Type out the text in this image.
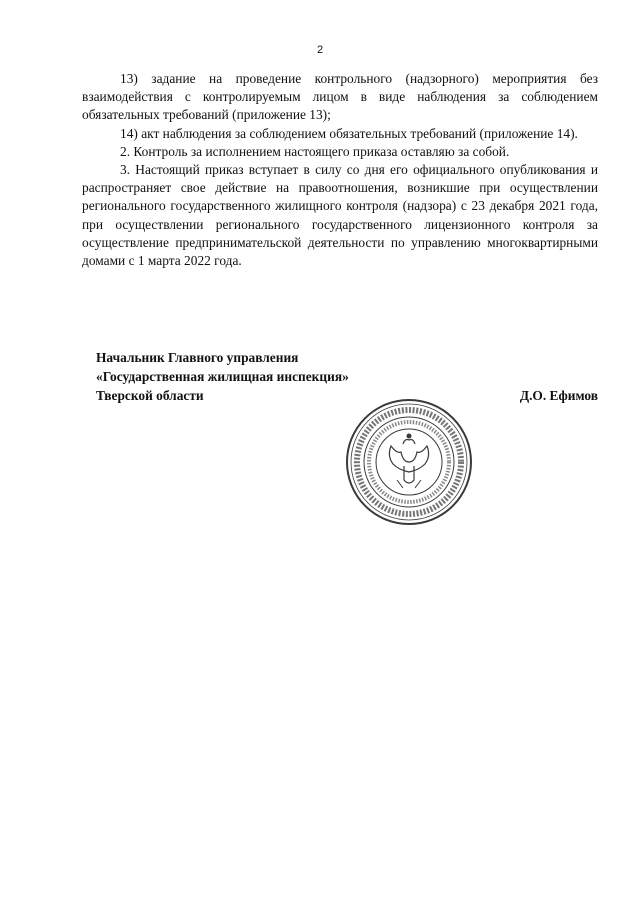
2

13) задание на проведение контрольного (надзорного) мероприятия без взаимодействия с контролируемым лицом в виде наблюдения за соблюдением обязательных требований (приложение 13);

14) акт наблюдения за соблюдением обязательных требований (приложение 14).

2. Контроль за исполнением настоящего приказа оставляю за собой.

3. Настоящий приказ вступает в силу со дня его официального опубликования и распространяет свое действие на правоотношения, возникшие при осуществлении регионального государственного жилищного контроля (надзора) с 23 декабря 2021 года, при осуществлении регионального государственного лицензионного контроля за осуществление предпринимательской деятельности по управлению многоквартирными домами с 1 марта 2022 года.

Начальник Главного управления
«Государственная жилищная инспекция»
Тверской области	Д.О. Ефимов
